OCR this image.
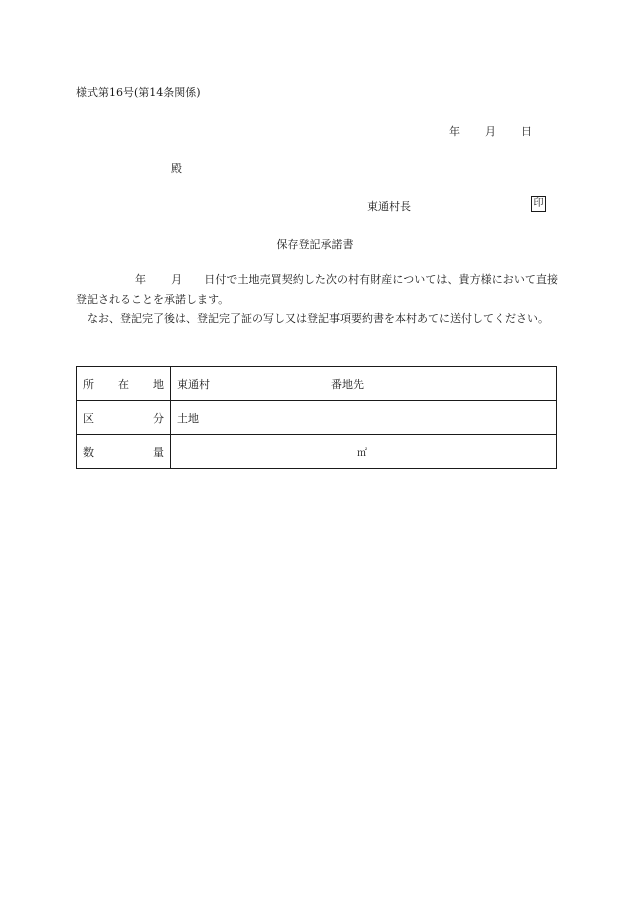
様式第16号(第14条関係)
年 月 日
殿
東通村長	印
保存登記承諾書

年 月 日付で土地売買契約した次の村有財産については、貴方様において直接登記されることを承諾します。

なお、登記完了後は、登記完了証の写し又は登記事項要約書を本村あてに送付してください。

所 在 地	東通村 番地先

区 分	土地

数 量	㎡
